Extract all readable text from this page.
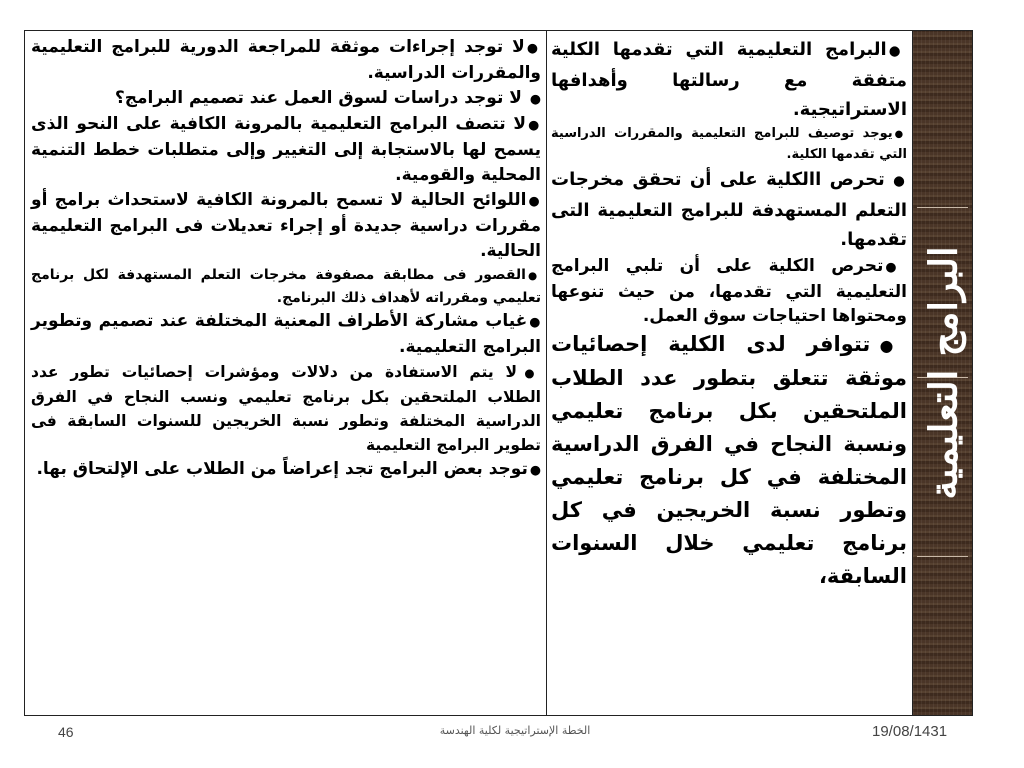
البرامج التعليمية
● البرامج التعليمية التي تقدمها الكلية متفقة مع رسالتها وأهدافها الاستراتيجية.
● يوجد توصيف للبرامج التعليمية والمقررات الدراسية التي تقدمها الكلية.
● تحرص االكلية على أن تحقق مخرجات التعلم المستهدفة للبرامج التعليمية التى تقدمها.
● تحرص الكلية على أن تلبي البرامج التعليمية التي تقدمها، من حيث تنوعها ومحتواها احتياجات سوق العمل.
● تتوافر لدى الكلية إحصائيات موثقة تتعلق بتطور عدد الطلاب الملتحقين بكل برنامج تعليمي ونسبة النجاح في الفرق الدراسية المختلفة في كل برنامج تعليمي وتطور نسبة الخريجين في كل برنامج تعليمي خلال السنوات السابقة،
● لا توجد إجراءات موثقة للمراجعة الدورية للبرامج التعليمية والمقررات الدراسية.
● لا توجد دراسات لسوق العمل عند تصميم البرامج؟
● لا تتصف البرامج التعليمية بالمرونة الكافية على النحو الذى يسمح لها بالاستجابة إلى التغيير وإلى متطلبات خطط التنمية المحلية والقومية.
● اللوائح الحالية لا تسمح بالمرونة الكافية لاستحداث برامج أو مقررات دراسية جديدة أو إجراء تعديلات فى البرامج التعليمية الحالية.
● القصور فى مطابقة مصفوفة مخرجات التعلم المستهدفة لكل برنامج تعليمي ومقرراته لأهداف ذلك البرنامج.
● غياب مشاركة الأطراف المعنية المختلفة عند تصميم وتطوير البرامج التعليمية.
● لا يتم الاستفادة من دلالات ومؤشرات إحصائيات تطور عدد الطلاب الملتحقين بكل برنامج تعليمي ونسب النجاح في الفرق الدراسية المختلفة وتطور نسبة الخريجين للسنوات السابقة فى تطوير البرامج التعليمية
● توجد بعض البرامج تجد إعراضاً من الطلاب على الإلتحاق بها.
19/08/1431
الخطة الإستراتيجية لكلية الهندسة
46
